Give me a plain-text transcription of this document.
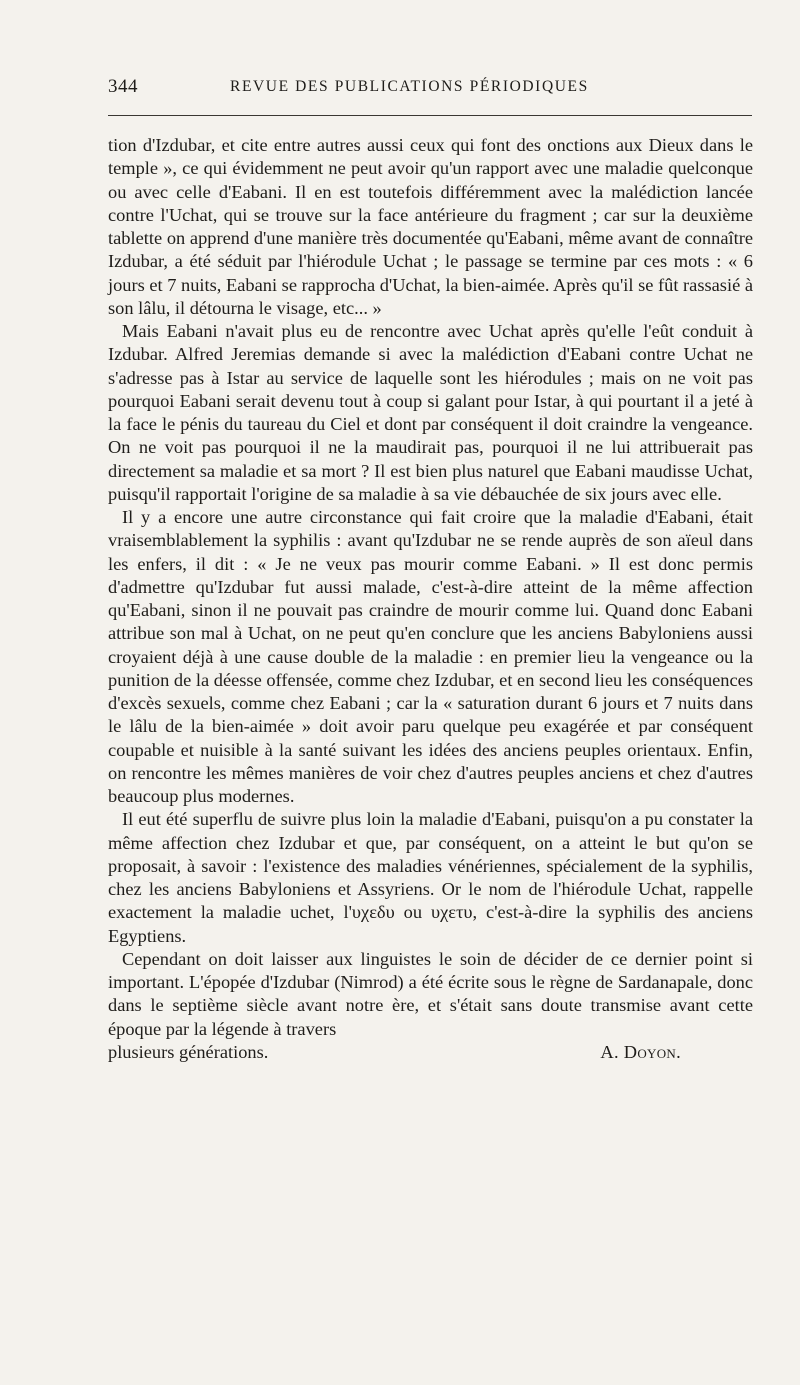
344	REVUE DES PUBLICATIONS PÉRIODIQUES

tion d'Izdubar, et cite entre autres aussi ceux qui font des onctions aux Dieux dans le temple », ce qui évidemment ne peut avoir qu'un rapport avec une maladie quelconque ou avec celle d'Eabani. Il en est toutefois différemment avec la malédiction lancée contre l'Uchat, qui se trouve sur la face antérieure du fragment ; car sur la deuxième tablette on apprend d'une manière très documentée qu'Eabani, même avant de connaître Izdubar, a été séduit par l'hiérodule Uchat ; le passage se termine par ces mots : « 6 jours et 7 nuits, Eabani se rapprocha d'Uchat, la bien-aimée. Après qu'il se fût rassasié à son lâlu, il détourna le visage, etc... »

Mais Eabani n'avait plus eu de rencontre avec Uchat après qu'elle l'eût conduit à Izdubar. Alfred Jeremias demande si avec la malédiction d'Eabani contre Uchat ne s'adresse pas à Istar au service de laquelle sont les hiérodules ; mais on ne voit pas pourquoi Eabani serait devenu tout à coup si galant pour Istar, à qui pourtant il a jeté à la face le pénis du taureau du Ciel et dont par conséquent il doit craindre la vengeance. On ne voit pas pourquoi il ne la maudirait pas, pourquoi il ne lui attribuerait pas directement sa maladie et sa mort ? Il est bien plus naturel que Eabani maudisse Uchat, puisqu'il rapportait l'origine de sa maladie à sa vie débauchée de six jours avec elle.

Il y a encore une autre circonstance qui fait croire que la maladie d'Eabani, était vraisemblablement la syphilis : avant qu'Izdubar ne se rende auprès de son aïeul dans les enfers, il dit : « Je ne veux pas mourir comme Eabani. » Il est donc permis d'admettre qu'Izdubar fut aussi malade, c'est-à-dire atteint de la même affection qu'Eabani, sinon il ne pouvait pas craindre de mourir comme lui. Quand donc Eabani attribue son mal à Uchat, on ne peut qu'en conclure que les anciens Babyloniens aussi croyaient déjà à une cause double de la maladie : en premier lieu la vengeance ou la punition de la déesse offensée, comme chez Izdubar, et en second lieu les conséquences d'excès sexuels, comme chez Eabani ; car la « saturation durant 6 jours et 7 nuits dans le lâlu de la bien-aimée » doit avoir paru quelque peu exagérée et par conséquent coupable et nuisible à la santé suivant les idées des anciens peuples orientaux. Enfin, on rencontre les mêmes manières de voir chez d'autres peuples anciens et chez d'autres beaucoup plus modernes.

Il eut été superflu de suivre plus loin la maladie d'Eabani, puisqu'on a pu constater la même affection chez Izdubar et que, par conséquent, on a atteint le but qu'on se proposait, à savoir : l'existence des maladies vénériennes, spécialement de la syphilis, chez les anciens Babyloniens et Assyriens. Or le nom de l'hiérodule Uchat, rappelle exactement la maladie uchet, l'υχεδυ ou υχετυ, c'est-à-dire la syphilis des anciens Egyptiens.

Cependant on doit laisser aux linguistes le soin de décider de ce dernier point si important. L'épopée d'Izdubar (Nimrod) a été écrite sous le règne de Sardanapale, donc dans le septième siècle avant notre ère, et s'était sans doute transmise avant cette époque par la légende à travers

plusieurs générations.	A. Doyon.
